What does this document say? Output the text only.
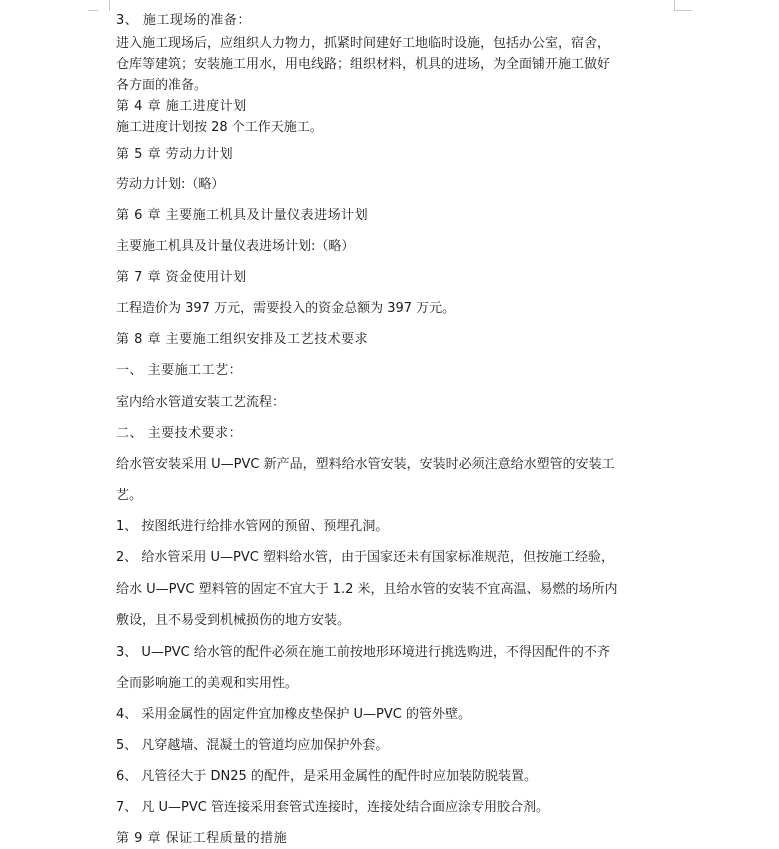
3、 施工现场的准备：
进入施工现场后，应组织人力物力，抓紧时间建好工地临时设施，包括办公室，宿舍，
仓库等建筑；安装施工用水，用电线路；组织材料，机具的进场，为全面铺开施工做好
各方面的准备。
第 4 章 施工进度计划
施工进度计划按 28 个工作天施工。
第 5 章 劳动力计划
劳动力计划:（略）
第 6 章 主要施工机具及计量仪表进场计划
主要施工机具及计量仪表进场计划:（略）
第 7 章 资金使用计划
工程造价为 397 万元，需要投入的资金总额为 397 万元。
第 8 章 主要施工组织安排及工艺技术要求
一、 主要施工工艺：
室内给水管道安装工艺流程：
二、 主要技术要求：
给水管安装采用 U—PVC 新产品，塑料给水管安装，安装时必须注意给水塑管的安装工
艺。
1、 按图纸进行给排水管网的预留、预埋孔洞。
2、 给水管采用 U—PVC 塑料给水管，由于国家还未有国家标准规范，但按施工经验，
给水 U—PVC 塑料管的固定不宜大于 1.2 米，且给水管的安装不宜高温、易燃的场所内
敷设，且不易受到机械损伤的地方安装。
3、 U—PVC 给水管的配件必须在施工前按地形环境进行挑选购进，不得因配件的不齐
全而影响施工的美观和实用性。
4、 采用金属性的固定件宜加橡皮垫保护 U—PVC 的管外壁。
5、 凡穿越墙、混凝土的管道均应加保护外套。
6、 凡管径大于 DN25 的配件，是采用金属性的配件时应加装防脱装置。
7、 凡 U—PVC 管连接采用套管式连接时，连接处结合面应涂专用胶合剂。
第 9 章 保证工程质量的措施
